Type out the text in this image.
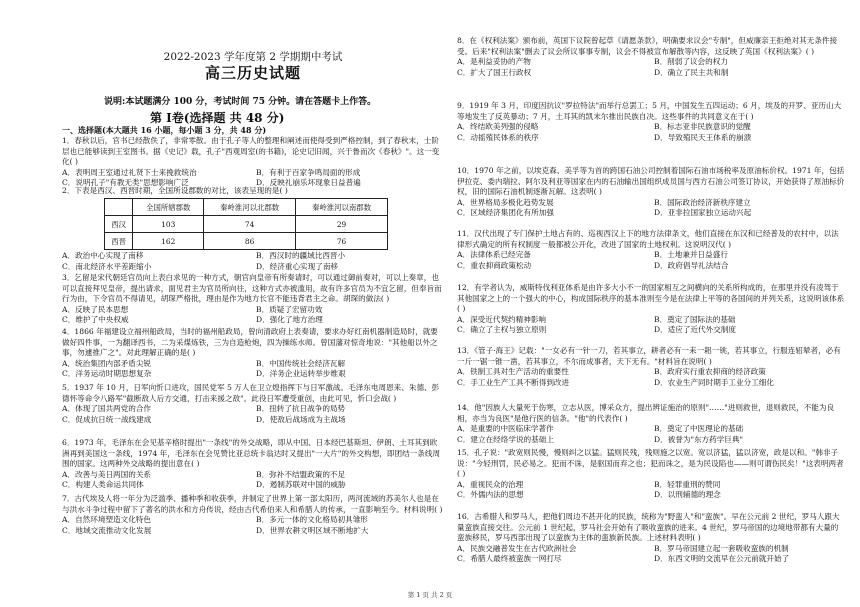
2022-2023 学年度第 2 学期期中考试
高三历史试题
说明:本试题满分 100 分，考试时间 75 分钟。请在答题卡上作答。
第 Ⅰ卷(选择题 共 48 分)
一、选择题(本大题共 16 小题，每小题 3 分，共 48 分)
1．春秋以后，官书已经散佚了，非常零散。由于孔子等人的整理和阐述而使得受到严格控制，到了春秋末，士阶层也已能够读到王室图书。据《史记》载，孔子"西观周室(的书籍)，论史记旧闻，兴于鲁而次《春秋》"。这一变化( )
A．表明周王室通过礼贤下士来挽救统治	B．有利于百家争鸣局面的形成
C．说明孔子"有教无类"思想影响广泛	D．反映礼崩乐坏现象日益普遍
2．下表是西汉、西晋时期，全国所设郡数的对比，该表呈现的是( )
	全国所辖郡数	秦岭淮河以北郡数	秦岭淮河以南郡数
西汉	103	74	29
西晋	162	86	76
A．政治中心实现了南移	B．西汉时的疆域比西晋小
C．南北经济水平差距缩小	D．经济重心实现了南移
3．乞留是宋代朝廷官员向上表白求见的一种方式，朝官向皇帝有所奏请时，可以通过御前奏对，可以上奏章，也可以直接拜见皇帝，提出请求，面见君主为官员所向往，这种方式亦被滥用，故有许多官员为不宜乞留，但奉旨而行为由，下令官员不得请见，胡琛严格批，理由是作为地方长官不能违背君主之命。胡琛的做法( )
A．反映了民本思想	B．质疑了宏留功效
C．维护了中央权威	D．强化了地方治理
4．1866 年福建设立福州船政局，当时的福州船政局，曾向清政府上表奏请，要求办好红南机器制造局时，就要做好四件事，一为翻译西书，二为采煤炼铁，三为自造枪炮，四为操练水师。曾国藩对惊奇地说："其他船以外之事，勿遽推广之"。对此理解正确的是( )
A．统治集团内部矛盾尖锐	B．中国传统社会经济瓦解
C．洋务运动时期思想复杂	D．洋务企业运转举步维艰
5．1937 年 10 月，日军向忻口进攻，国民党军 5 万人在卫立煌指挥下与日军激战。毛泽东电周恩来、朱德、彭德怀等命令八路军"截断敌人后方交通，打击来援之敌"。此役日军遭受重创，由此可见，忻口会战( )
A．体现了国共两党的合作	B．扭转了抗日战争的局势
C．促成抗日统一战线建成	D．使敌后战场成为主战场
6．1973 年，毛泽东在会见基辛格时提出"一条线"的外交战略，即从中国、日本经巴基斯坦、伊朗、土耳其到欧洲再到美国这一条线，1974 年，毛泽东在会见赞比亚总统卡翁达时又提出"一大片"的外交构想，即团结一条线周围的国家。这两种外交战略的提出意在( )
A．改善与美日两国的关系	B．弥补不结盟政策的不足
C．构建人类命运共同体	D．遏制苏联对中国的威胁
7．古代埃及人将一年分为泛滥季、播种季和收获季，并制定了世界上第一部太阳历，两河流域的苏美尔人也是在与洪水斗争过程中留下了著名的洪水和方舟传说，经由古代希伯来人和希腊人的传承，一直影响至今。材料说明( )
A．自然环境塑造文化特色	B．多元一体的文化格局初具雏形
C．地域交流推动文化发展	D．世界农耕文明区域不断地扩大
8．在《权利法案》颁布前，英国下议院曾起草《请愿条款》，明确要求议会"专制"，但威廉亲王拒绝对其无条件接受。后来"权利法案"删去了议会所议事事专制，议会不得被宣布解散等内容，这反映了英国《权利法案》( )
A．是利益妥协的产物	B．削弱了议会的权力
C．扩大了国王行政权	D．确立了民主共和制
9．1919 年 3 月，印度因抗议"罗拉特法"而举行总罢工；5 月，中国发生五四运动；6 月，埃及的开罗、亚历山大等地发生了反英暴动；7 月，土耳其的凯末尔推出民族自决。这些事件的共同意义在于( )
A．终结欧美列强的侵略	B．标志亚非民族意识的觉醒
C．动摇殖民体系的秩序	D．导致殖民天王体系的崩溃
10．1970 年之前，以埃克森、美孚等为首的跨国石油公司控制着国际石油市场税率及原油标价权。1971 年，包括伊拉克、委内瑞拉、阿尔及利亚等国家在内的石油输出国组织成员国与西方石油公司签订协议，开始获得了原油标价权，旧的国际石油机制逐渐瓦解。这表明( )
A．世界格局多极化趋势发展	B．国际政治经济新秩序建立
C．区域经济集团化有所加强	D．亚非拉国家独立运动兴起
11．汉代出现了专门保护土地占有的、巡视西汉上下的地方法律条文，他们直接在东汉和已经普及的农村中，以法律形式确定的所有权制度一般都被公开化，改进了国家的土地权利。这说明汉代( )
A．法律体系已经完备	B．土地兼并日益盛行
C．重农抑商政策松动	D．政府倡导礼法结合
12．有学者认为，威斯特伐利亚体系是由许多大小不一的国家相互之间横向的关系所构成的，在那里并没有凌驾于其他国家之上的一个强大的中心，构成国际秩序的基本准则至今是在法律上平等的各国间的并列关系，这说明该体系( )
A．深受近代契约精神影响	B．奠定了国际法的基础
C．确立了主权与独立原则	D．适应了近代外交制度
13．《管子·海王》记载："一女必有一针一刀，若其事立，耕者必有一耒一耜一铫，若其事立，行服连轺辇者，必有一斤一锯一锥一凿，若其事立，不尔而成事者，天下无有。"材料旨在说明( )
A．铁制工具对生产活动的重要性	B．政府实行重农抑商的经济政策
C．手工业生产工具不断得到改进	D．农业生产同时期手工业分工细化
14．他"因族人大量死于伤寒，立志从医，博采众方，提出辨证施治的原则"……"进则救世，退则救民，不能为良相，亦当为良医"是他行医的信条。"他"的代表作( )
A．是重要的中医临床学著作	B．奠定了中医理论的基础
C．建立在经络学说的基础上	D．被誉为"东方药学巨典"
15．孔子说："政宽则民慢，慢则纠之以猛。猛则民残，残则施之以宽。宽以济猛，猛以济宽，政是以和。"韩非子说："今轻刑罚，民必易之。犯而不诛，是驱国而弃之也；犯而诛之，是为民设陷也——则可谓伤民矣！"这表明两者( )
A．重视民众的治理	B．轻罪重刑的赞同
C．外儒内法的思想	D．以刑辅德的理念
16．古希腊人和罗马人，把他们周边不甚开化的民族，统称为"野蛮人"和"蛮族"。早在公元前 2 世纪，罗马人跟大量蛮族直接交往。公元前 1 世纪起，罗马社会开始有了吸收蛮族的进来。4 世纪，罗马帝国的边境地带都有大量的蛮族移民，罗马西部出现了以蛮族为主体的蛮族新民族。上述材料表明( )
A．民族交融普发生在古代欧洲社会	B．罗马帝国建立起一套吸收蛮族的机制
C．希腊人最终被蛮族一网打尽	D．东西文明的交流早在公元前就开始了
第 1 页 共 2 页
